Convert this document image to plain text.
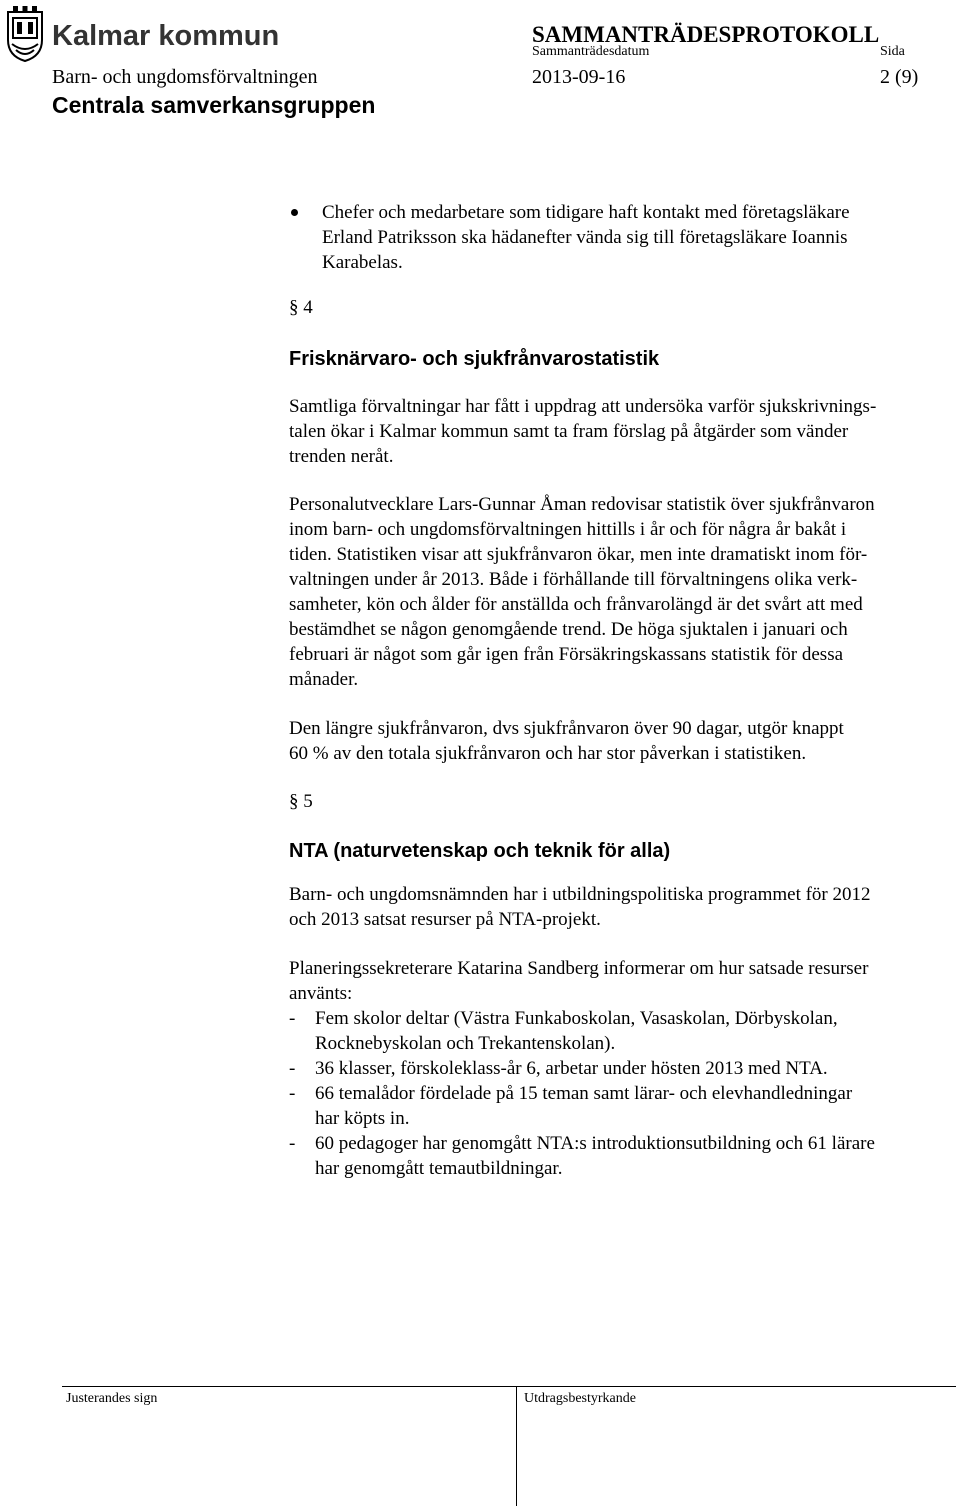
Kalmar kommun	SAMMANTRÄDESPROTOKOLL
Sammanträdesdatum	Sida
Barn- och ungdomsförvaltningen	2013-09-16	2 (9)
Centrala samverkansgruppen
Chefer och medarbetare som tidigare haft kontakt med företagsläkare
Erland Patriksson ska hädanefter vända sig till företagsläkare Ioannis
Karabelas.
§ 4
Frisknärvaro- och sjukfrånvarostatistik
Samtliga förvaltningar har fått i uppdrag att undersöka varför sjukskrivnings-
talen ökar i Kalmar kommun samt ta fram förslag på åtgärder som vänder
trenden neråt.
Personalutvecklare Lars-Gunnar Åman redovisar statistik över sjukfrånvaron
inom barn- och ungdomsförvaltningen hittills i år och för några år bakåt i
tiden. Statistiken visar att sjukfrånvaron ökar, men inte dramatiskt inom för-
valtningen under år 2013. Både i förhållande till förvaltningens olika verk-
samheter, kön och ålder för anställda och frånvarolängd är det svårt att med
bestämdhet se någon genomgående trend. De höga sjuktalen i januari och
februari är något som går igen från Försäkringskassans statistik för dessa
månader.
Den längre sjukfrånvaron, dvs sjukfrånvaron över 90 dagar, utgör knappt
60 % av den totala sjukfrånvaron och har stor påverkan i statistiken.
§ 5
NTA (naturvetenskap och teknik för alla)
Barn- och ungdomsnämnden har i utbildningspolitiska programmet för 2012
och 2013 satsat resurser på NTA-projekt.
Planeringssekreterare Katarina Sandberg informerar om hur satsade resurser
använts:
-	Fem skolor deltar (Västra Funkaboskolan, Vasaskolan, Dörbyskolan,
Rocknebyskolan och Trekantenskolan).
-	36 klasser, förskoleklass-år 6, arbetar under hösten 2013 med NTA.
-	66 temalådor fördelade på 15 teman samt lärar- och elevhandledningar
har köpts in.
-	60 pedagoger har genomgått NTA:s introduktionsutbildning och 61 lärare
har genomgått temautbildningar.
Justerandes sign	Utdragsbestyrkande
